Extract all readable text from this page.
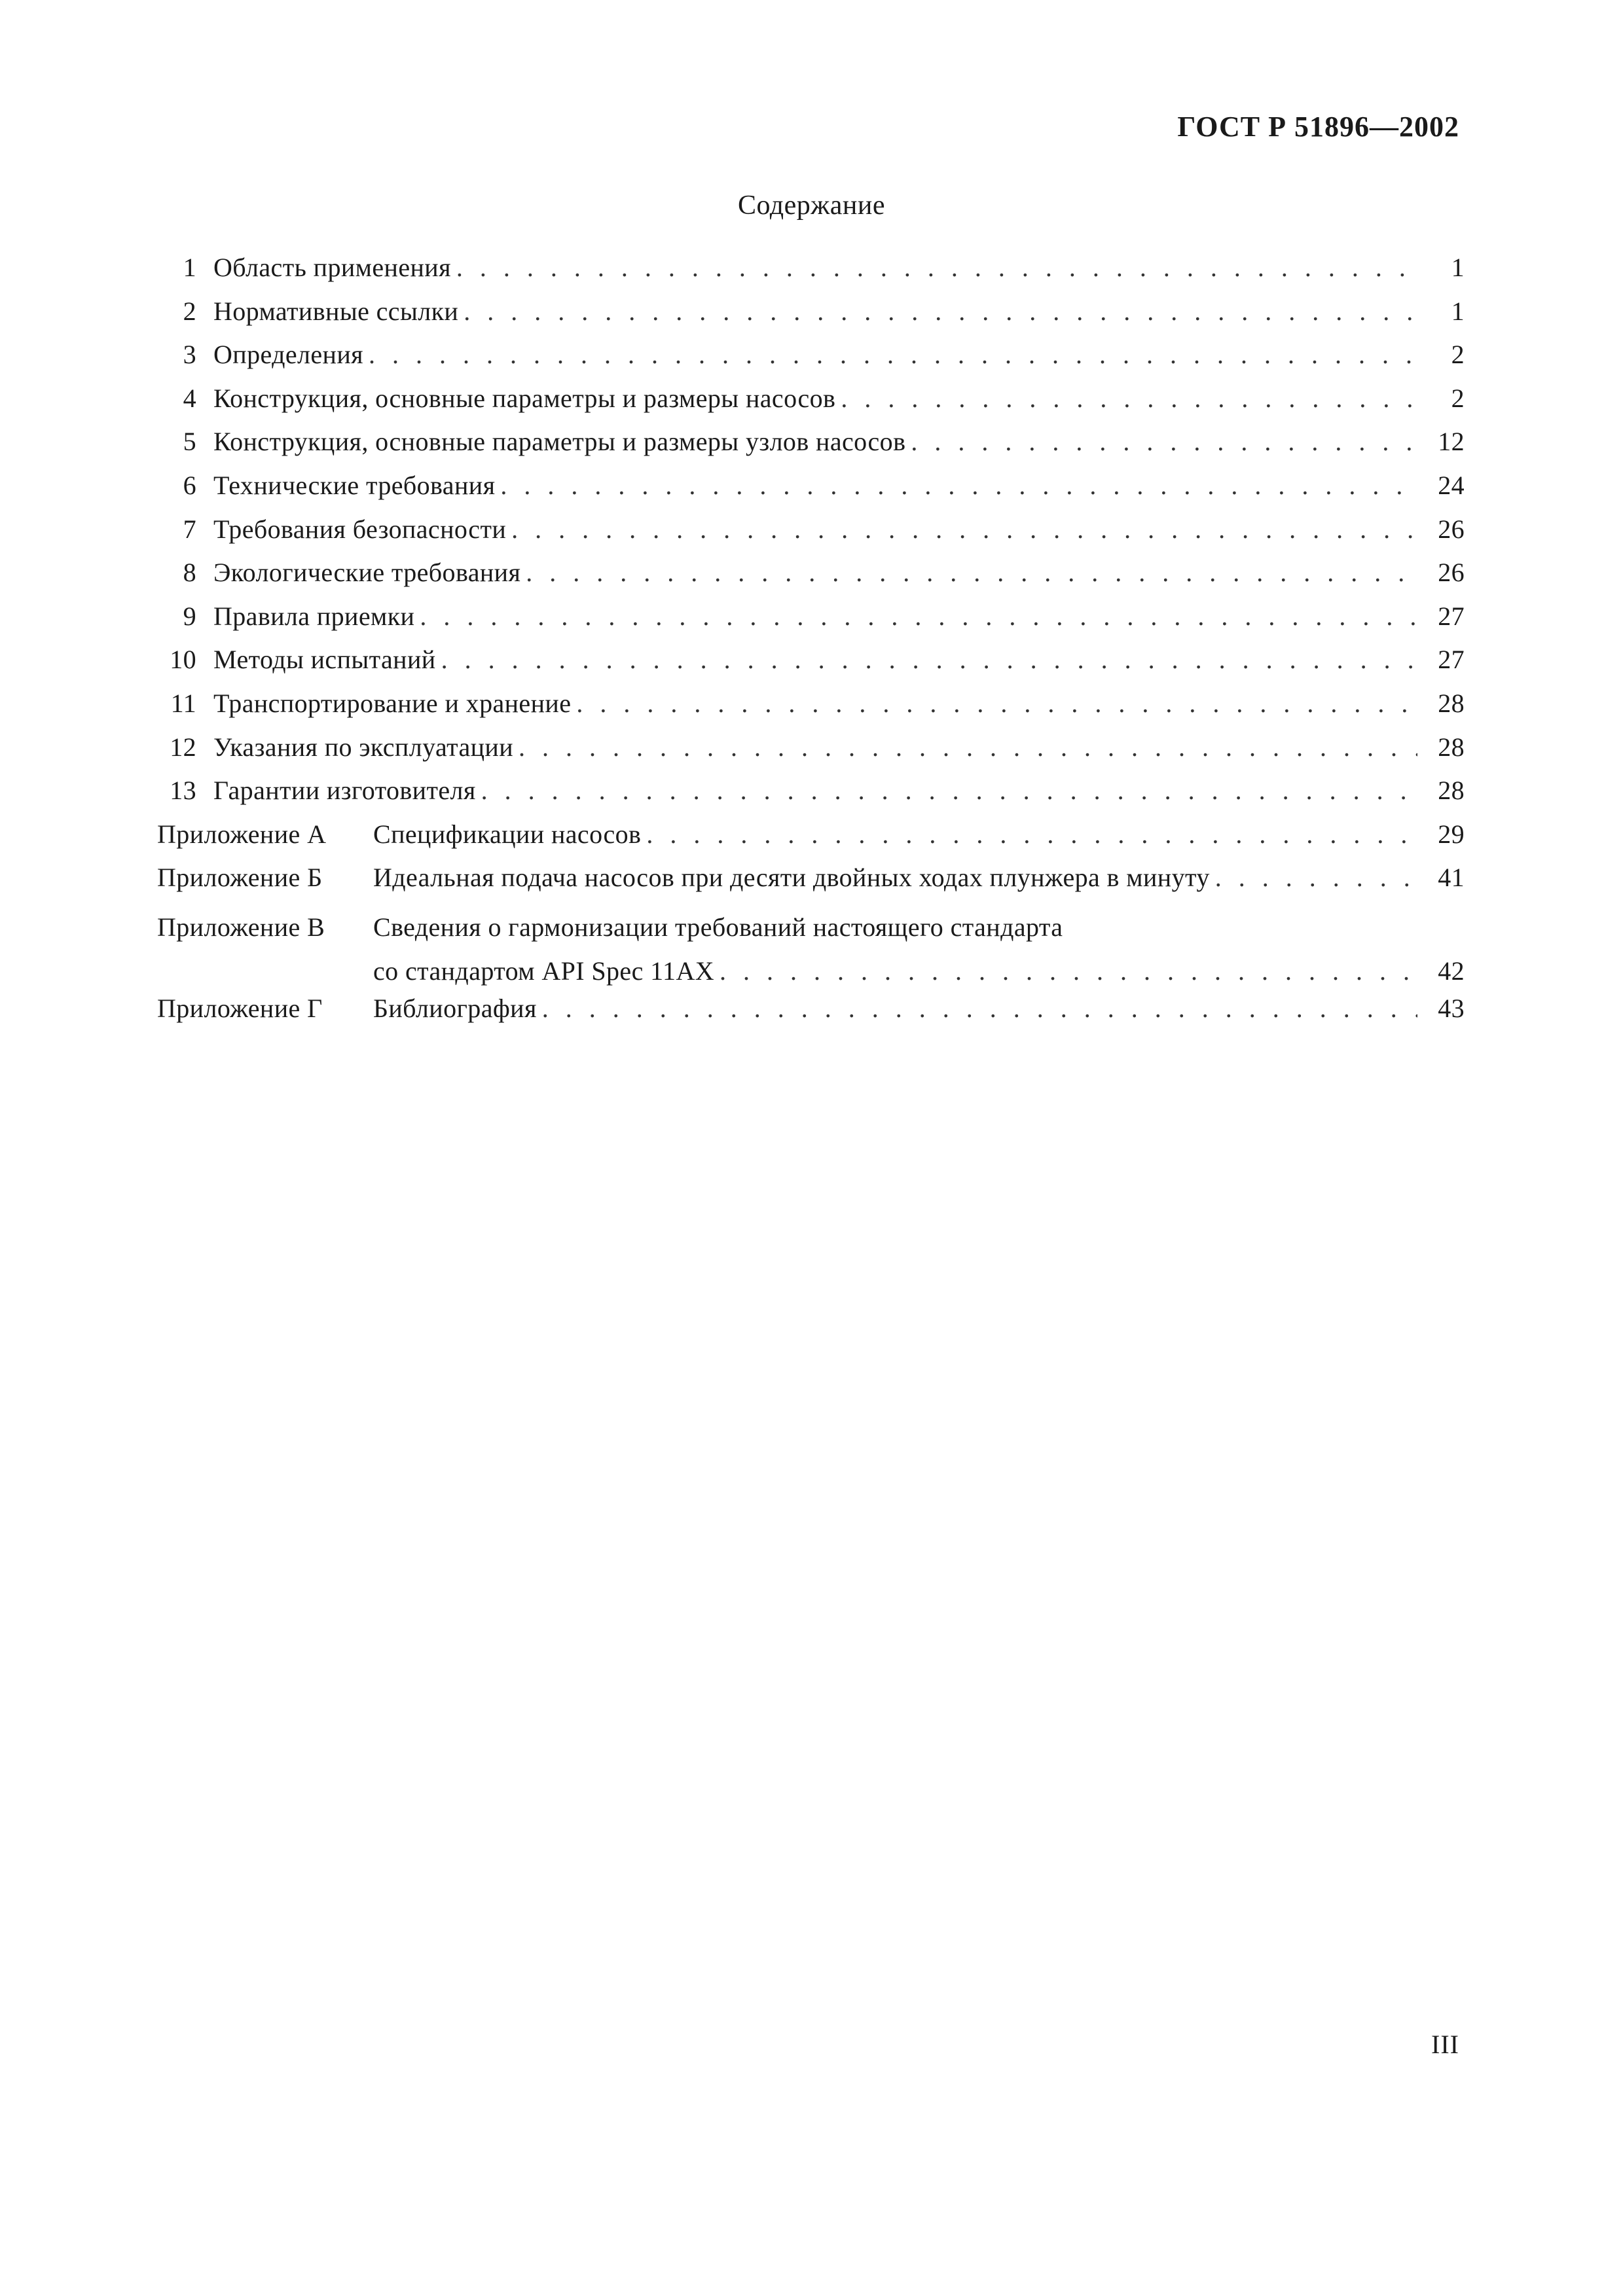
ГОСТ Р 51896—2002
Содержание
1 Область применения . . .	1
2 Нормативные ссылки . . .	1
3 Определения . . .	2
4 Конструкция, основные параметры и размеры насосов . . .	2
5 Конструкция, основные параметры и размеры узлов насосов . . .	12
6 Технические требования . . .	24
7 Требования безопасности . . .	26
8 Экологические требования . . .	26
9 Правила приемки . . .	27
10 Методы испытаний . . .	27
11 Транспортирование и хранение . . .	28
12 Указания по эксплуатации . . .	28
13 Гарантии изготовителя . . .	28
Приложение А	Спецификации насосов . . .	29
Приложение Б	Идеальная подача насосов при десяти двойных ходах плунжера в минуту . . .	41
Приложение В	Сведения о гармонизации требований настоящего стандарта
со стандартом API Spec 11AX . . .	42
Приложение Г	Библиография . . .	43
III
